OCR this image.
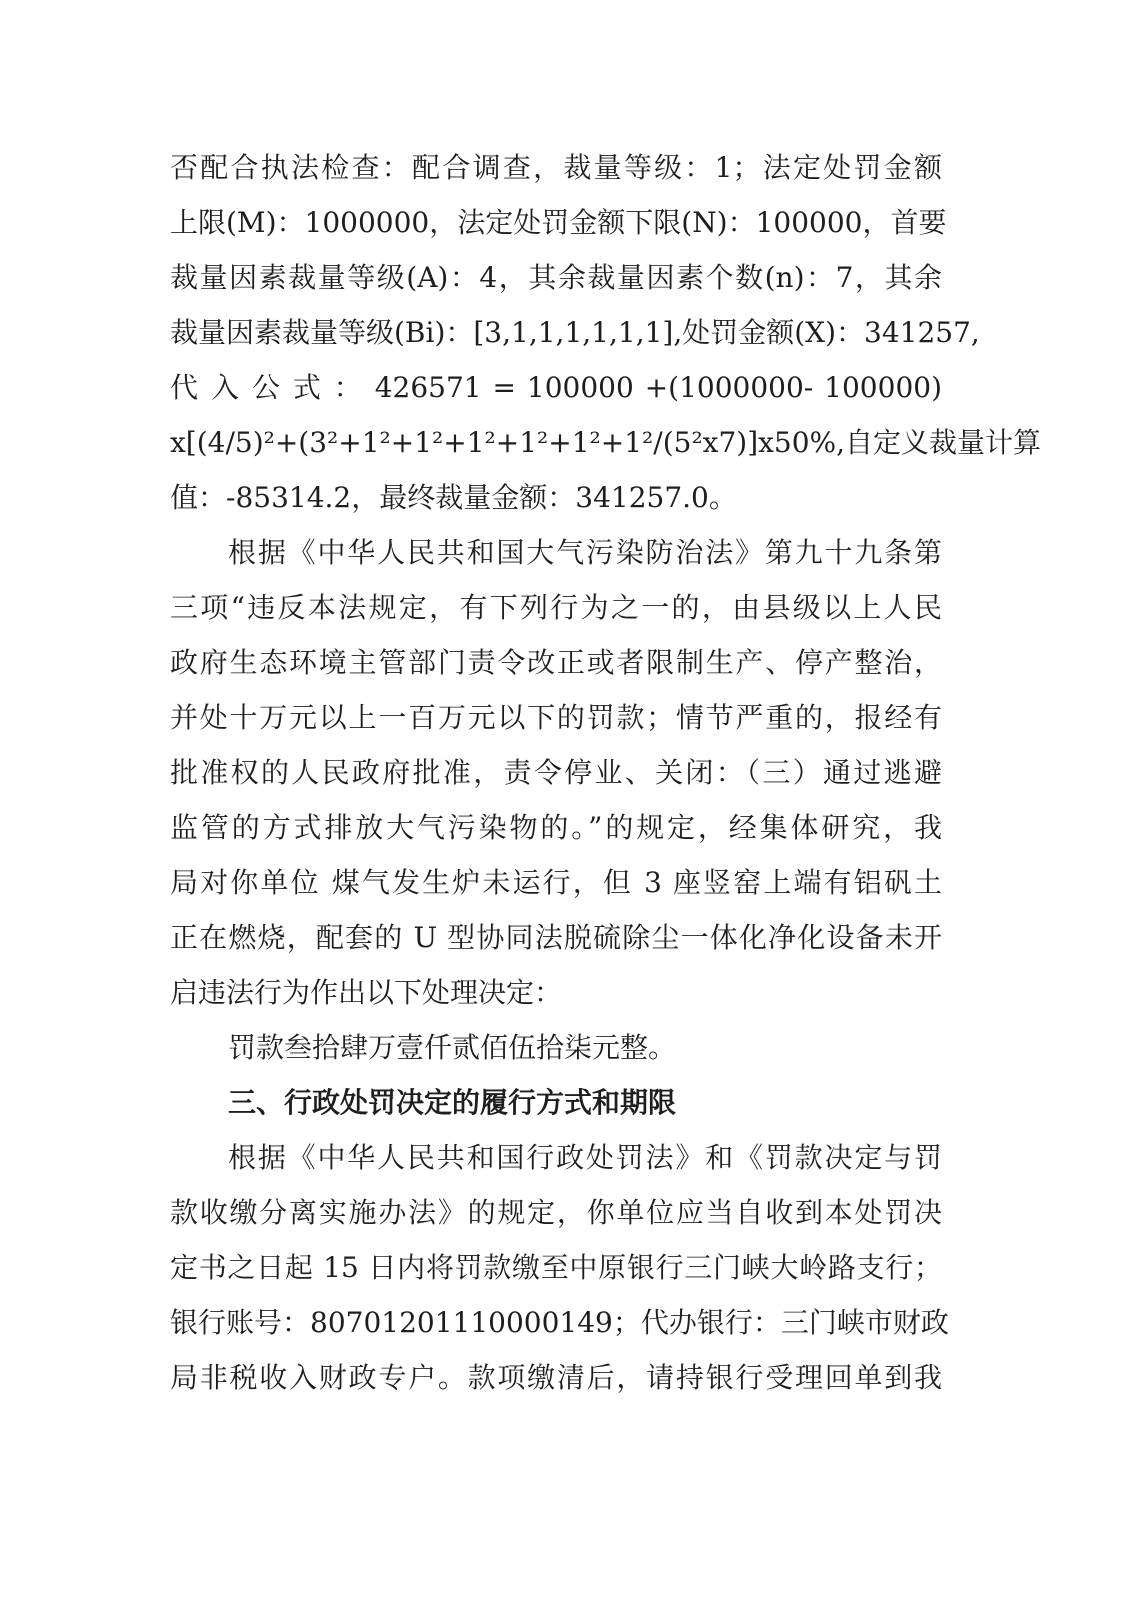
否配合执法检查：配合调查，裁量等级：1；法定处罚金额
上限(M)：1000000，法定处罚金额下限(N)：100000，首要
裁量因素裁量等级(A)：4，其余裁量因素个数(n)：7，其余
裁量因素裁量等级(Bi)：[3,1,1,1,1,1,1],处罚金额(X)：341257,
代 入 公 式 ： 426571 = 100000 +(1000000- 100000)
x[(4/5)²+(3²+1²+1²+1²+1²+1²+1²/(5²x7)]x50%,自定义裁量计算
值：-85314.2，最终裁量金额：341257.0。
根据《中华人民共和国大气污染防治法》第九十九条第
三项“违反本法规定，有下列行为之一的，由县级以上人民
政府生态环境主管部门责令改正或者限制生产、停产整治，
并处十万元以上一百万元以下的罚款；情节严重的，报经有
批准权的人民政府批准，责令停业、关闭：（三）通过逃避
监管的方式排放大气污染物的。”的规定，经集体研究，我
局对你单位 煤气发生炉未运行，但 3 座竖窑上端有铝矾土
正在燃烧，配套的 U 型协同法脱硫除尘一体化净化设备未开
启违法行为作出以下处理决定：
罚款叁拾肆万壹仟贰佰伍拾柒元整。
三、行政处罚决定的履行方式和期限
根据《中华人民共和国行政处罚法》和《罚款决定与罚
款收缴分离实施办法》的规定，你单位应当自收到本处罚决
定书之日起 15 日内将罚款缴至中原银行三门峡大岭路支行；
银行账号：80701201110000149；代办银行：三门峡市财政
局非税收入财政专户。款项缴清后，请持银行受理回单到我
